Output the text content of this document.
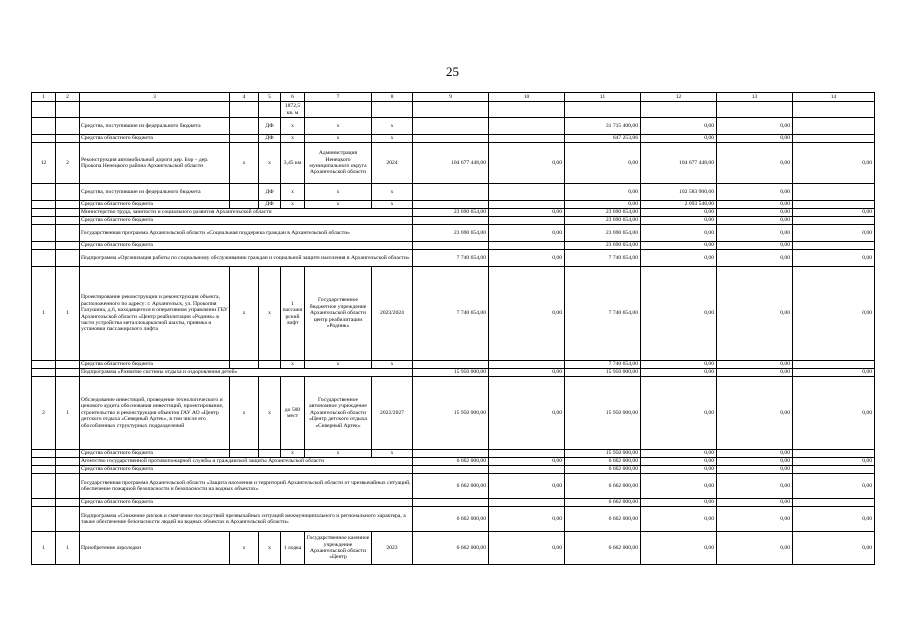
25
1	2	3	4	5	6	7	8	9	10	11	12	13	14
					1872,5 кв. м								
		Средства, поступившие из федерального бюджета		ДФ	x	x	x			31 715 400,00	0,00	0,00	
		Средства областного бюджета		ДФ	x	x	x			647 253,06	0,00	0,00	
12	2	Реконструкция автомобильной дороги дер. Бор – дер. Прокопа Ненецкого района Архангельской области	x	x	3,45 км	Администрация Ненецкого муниципального округа Архангельской области	2024	104 677 448,00	0,00	0,00	104 677 448,00	0,00	0,00
		Средства, поступившие из федерального бюджета		ДФ	x	x	x			0,00	102 583 900,00	0,00	
		Средства областного бюджета		ДФ	x	x	x			0,00	2 093 548,00	0,00	
		Министерство труда, занятости и социального развития Архангельской области						23 690 654,00	0,00	23 690 654,00	0,00	0,00	0,00
		Средства областного бюджета								23 690 654,00	0,00	0,00	
		Государственная программа Архангельской области «Социальная поддержка граждан в Архангельской области»						23 690 654,00	0,00	23 690 654,00	0,00	0,00	0,00
		Средства областного бюджета								23 690 654,00	0,00	0,00	
		Подпрограмма «Организация работы по социальному обслуживанию граждан и социальной защите населения в Архангельской области»						7 740 654,00	0,00	7 740 654,00	0,00	0,00	0,00
1	1	Проектирование реконструкции и реконструкция объекта, расположенного по адресу: г. Архангельск, ул. Прокопия Галушина, д.6, находящегося в оперативном управлении ГБУ Архангельской области «Центр реабилитации «Родник» в части устройства металлокаркасной шахты, приямка и установки пассажирского лифта	x	x	1 пассажирский лифт	Государственное бюджетное учреждение Архангельской области центр реабилитации «Родник»	2023/2024	7 740 654,00	0,00	7 740 654,00	0,00	0,00	0,00
		Средства областного бюджета			x	x	x			7 740 654,00	0,00	0,00	
		Подпрограмма «Развитие системы отдыха и оздоровления детей»						15 950 000,00	0,00	15 950 000,00	0,00	0,00	0,00
2	1	Обследование инвестиций, проведение технологического и ценового аудита обоснования инвестиций, проектирование, строительство и реконструкция объектов ГАУ АО «Центр детского отдыха «Северный Артек», в том числе его обособленных структурных подразделений	x	x	до 500 мест	Государственное автономное учреждение Архангельской области «Центр детского отдыха «Северный Артек»	2022/2027	15 950 000,00	0,00	15 950 000,00	0,00	0,00	0,00
		Средства областного бюджета			x	x	x			15 950 000,00	0,00	0,00	
		Агентство государственной противопожарной службы и гражданской защиты Архангельской области						6 662 000,00	0,00	6 662 000,00	0,00	0,00	0,00
		Средства областного бюджета								6 662 000,00	0,00	0,00	
		Государственная программа Архангельской области «Защита населения и территорий Архангельской области от чрезвычайных ситуаций, обеспечение пожарной безопасности и безопасности на водных объектах»						6 662 000,00	0,00	6 662 000,00	0,00	0,00	0,00
		Средства областного бюджета								6 662 000,00	0,00	0,00	
		Подпрограмма «Снижение рисков и смягчение последствий чрезвычайных ситуаций межмуниципального и регионального характера, а также обеспечение безопасности людей на водных объектах в Архангельской области»						6 662 000,00	0,00	6 662 000,00	0,00	0,00	0,00
1	1	Приобретение аэролодки	x	x	1 лодка	Государственное казенное учреждение Архангельской области «Центр	2023	6 662 000,00	0,00	6 662 000,00	0,00	0,00	0,00
